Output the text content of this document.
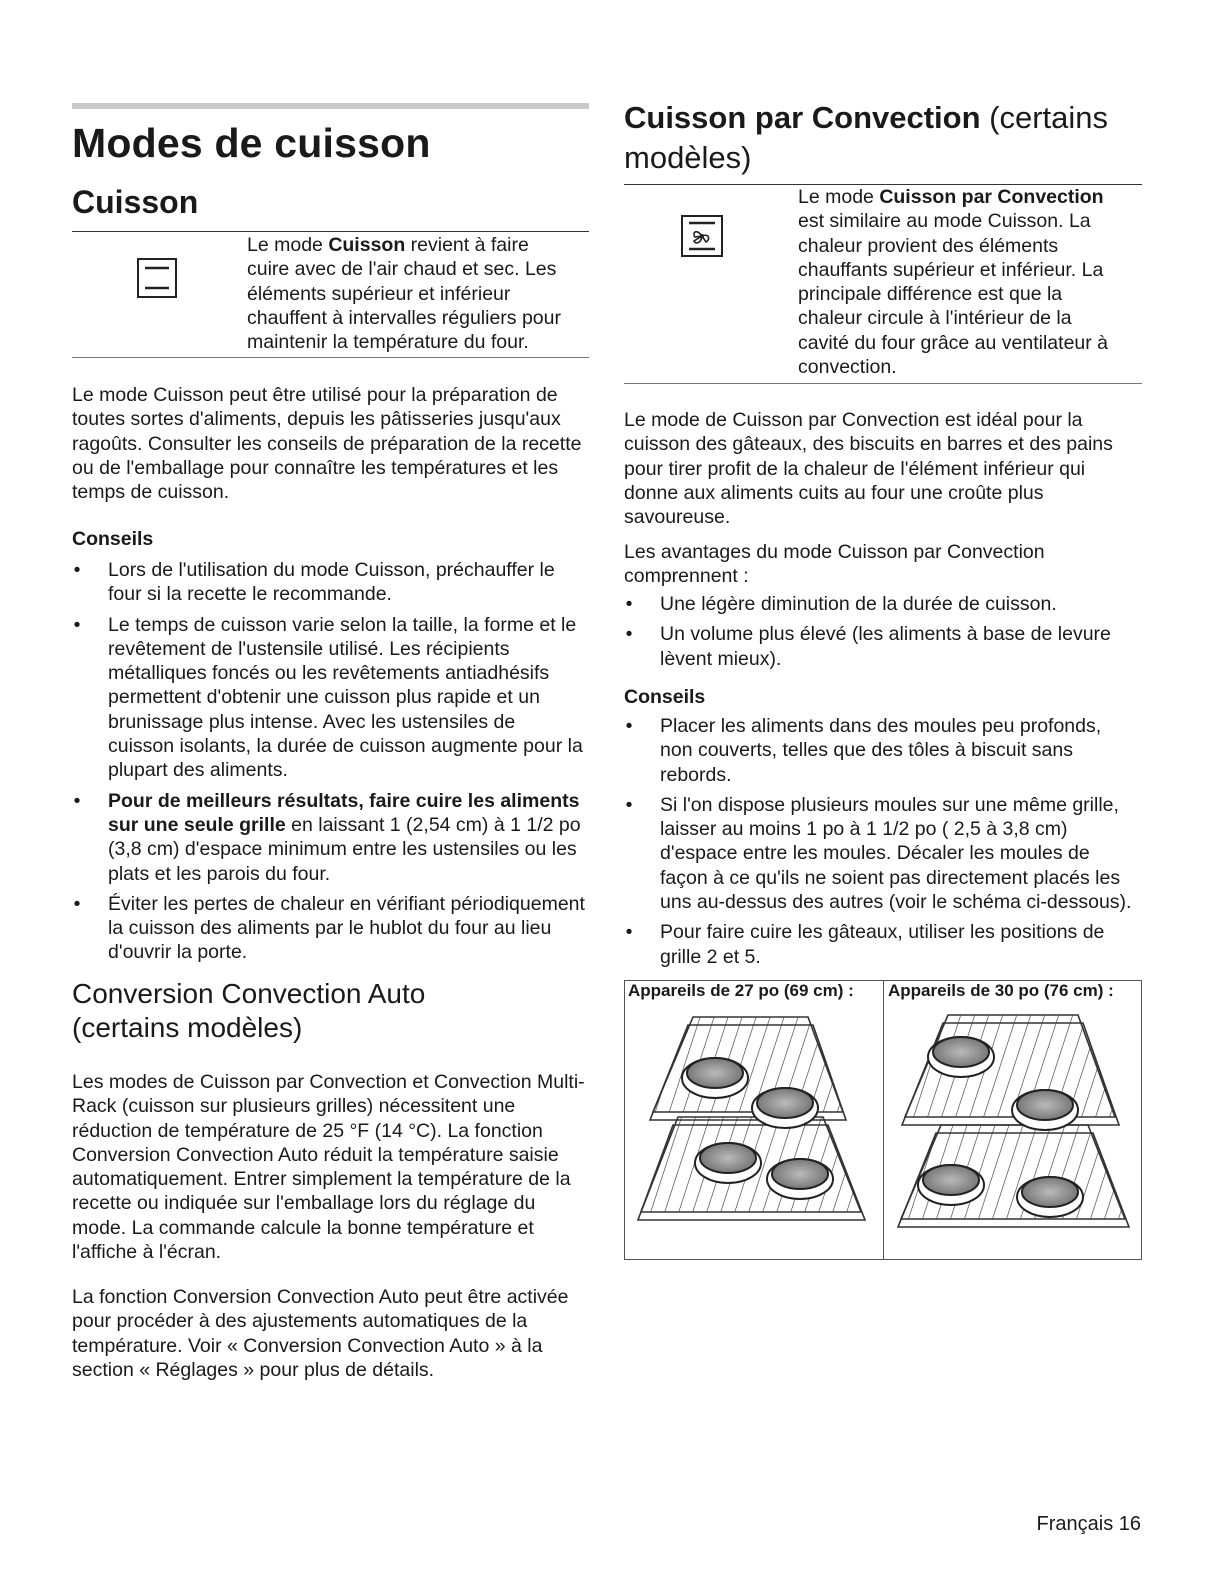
Modes de cuisson
Cuisson
Le mode Cuisson revient à faire
cuire avec de l'air chaud et sec. Les
éléments supérieur et inférieur
chauffent à intervalles réguliers pour
maintenir la température du four.
Le mode Cuisson peut être utilisé pour la préparation de
toutes sortes d'aliments, depuis les pâtisseries jusqu'aux
ragoûts. Consulter les conseils de préparation de la recette
ou de l'emballage pour connaître les températures et les
temps de cuisson.
Conseils
• Lors de l'utilisation du mode Cuisson, préchauffer le
four si la recette le recommande.
• Le temps de cuisson varie selon la taille, la forme et le
revêtement de l'ustensile utilisé. Les récipients
métalliques foncés ou les revêtements antiadhésifs
permettent d'obtenir une cuisson plus rapide et un
brunissage plus intense. Avec les ustensiles de
cuisson isolants, la durée de cuisson augmente pour la
plupart des aliments.
• Pour de meilleurs résultats, faire cuire les aliments
sur une seule grille en laissant 1 (2,54 cm) à 1 1/2 po
(3,8 cm) d'espace minimum entre les ustensiles ou les
plats et les parois du four.
• Éviter les pertes de chaleur en vérifiant périodiquement
la cuisson des aliments par le hublot du four au lieu
d'ouvrir la porte.
Conversion Convection Auto
(certains modèles)
Les modes de Cuisson par Convection et Convection Multi-
Rack (cuisson sur plusieurs grilles) nécessitent une
réduction de température de 25 °F (14 °C). La fonction
Conversion Convection Auto réduit la température saisie
automatiquement. Entrer simplement la température de la
recette ou indiquée sur l'emballage lors du réglage du
mode. La commande calcule la bonne température et
l'affiche à l'écran.
La fonction Conversion Convection Auto peut être activée
pour procéder à des ajustements automatiques de la
température. Voir « Conversion Convection Auto » à la
section « Réglages » pour plus de détails.
Cuisson par Convection (certains
modèles)
Le mode Cuisson par Convection
est similaire au mode Cuisson. La
chaleur provient des éléments
chauffants supérieur et inférieur. La
principale différence est que la
chaleur circule à l'intérieur de la
cavité du four grâce au ventilateur à
convection.
Le mode de Cuisson par Convection est idéal pour la
cuisson des gâteaux, des biscuits en barres et des pains
pour tirer profit de la chaleur de l'élément inférieur qui
donne aux aliments cuits au four une croûte plus
savoureuse.
Les avantages du mode Cuisson par Convection
comprennent :
• Une légère diminution de la durée de cuisson.
• Un volume plus élevé (les aliments à base de levure
lèvent mieux).
Conseils
• Placer les aliments dans des moules peu profonds,
non couverts, telles que des tôles à biscuit sans
rebords.
• Si l'on dispose plusieurs moules sur une même grille,
laisser au moins 1 po à 1 1/2 po ( 2,5 à 3,8 cm)
d'espace entre les moules. Décaler les moules de
façon à ce qu'ils ne soient pas directement placés les
uns au-dessus des autres (voir le schéma ci-dessous).
• Pour faire cuire les gâteaux, utiliser les positions de
grille 2 et 5.
Appareils de 27 po (69 cm) : Appareils de 30 po (76 cm) :
Français 16
